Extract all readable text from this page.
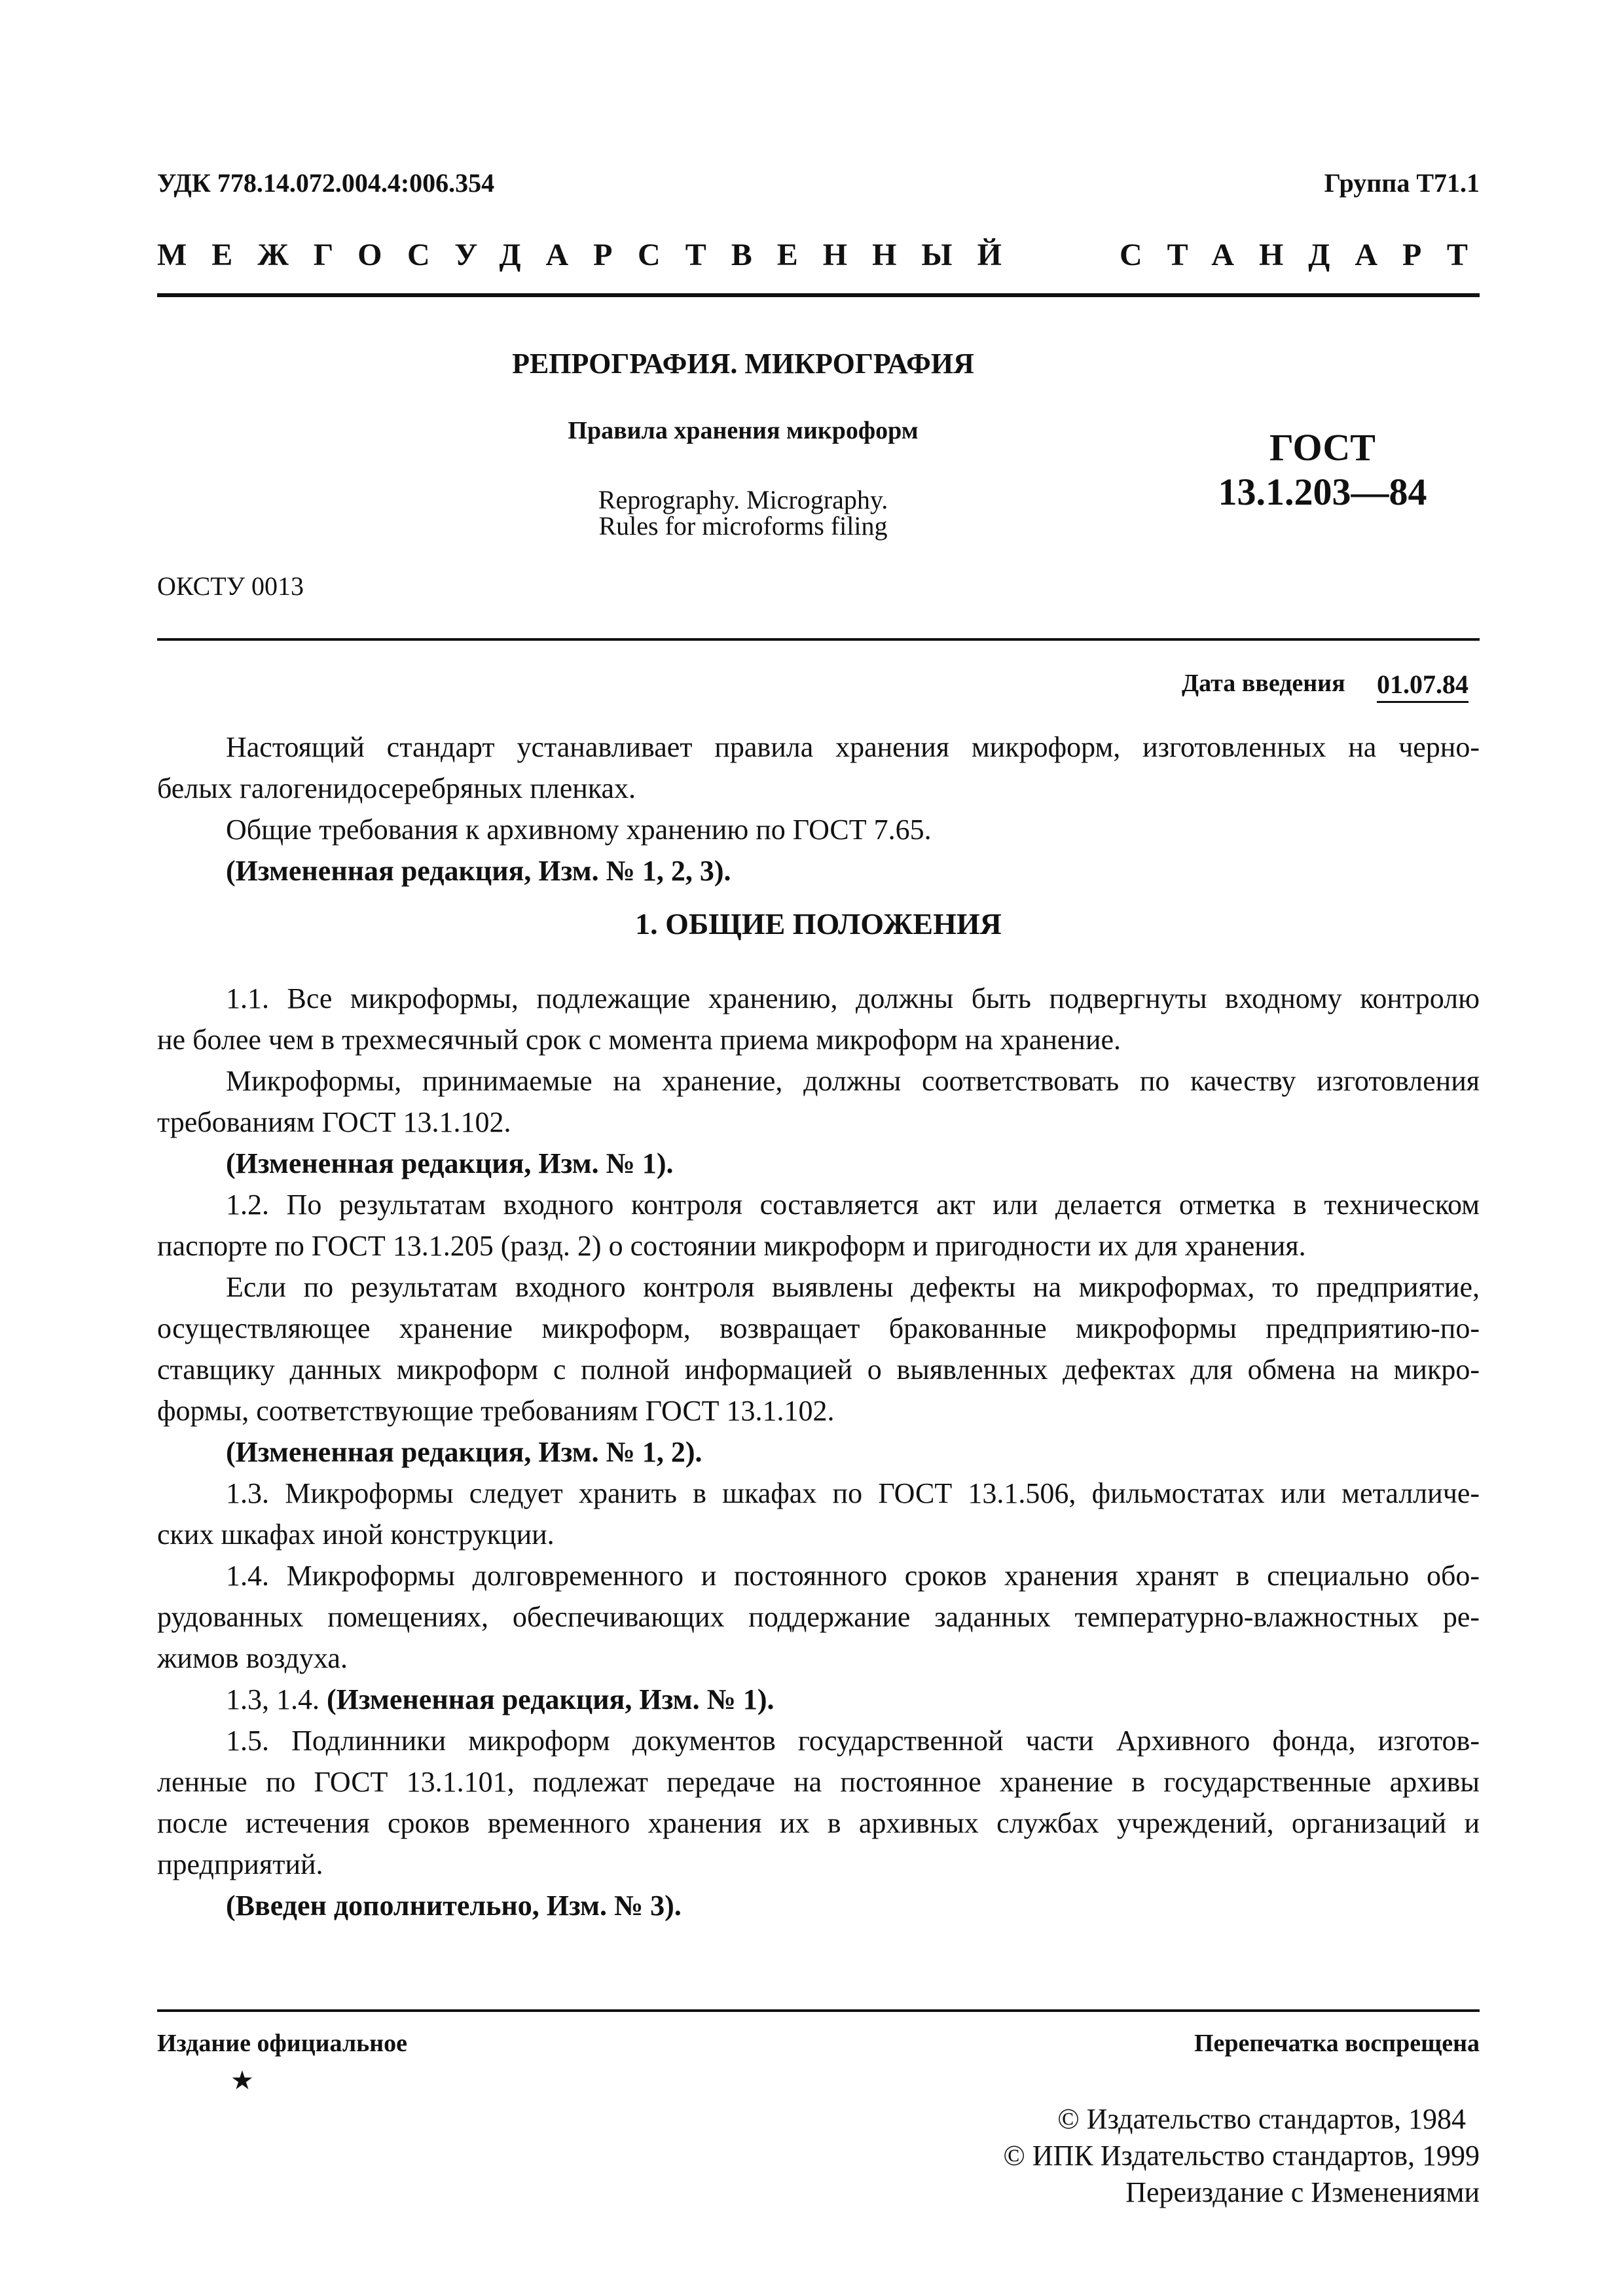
УДК 778.14.072.004.4:006.354	Группа Т71.1
МЕЖГОСУДАРСТВЕННЫЙ	СТАНДАРТ
РЕПРОГРАФИЯ. МИКРОГРАФИЯ
Правила хранения микроформ
Reprography. Micrography.
Rules for microforms filing
ГОСТ
13.1.203—84
ОКСТУ 0013
Дата введения 01.07.84
Настоящий стандарт устанавливает правила хранения микроформ, изготовленных на черно-
белых галогенидосеребряных пленках.
Общие требования к архивному хранению по ГОСТ 7.65.
(Измененная редакция, Изм. № 1, 2, 3).
1. ОБЩИЕ ПОЛОЖЕНИЯ
1.1. Все микроформы, подлежащие хранению, должны быть подвергнуты входному контролю
не более чем в трехмесячный срок с момента приема микроформ на хранение.
Микроформы, принимаемые на хранение, должны соответствовать по качеству изготовления
требованиям ГОСТ 13.1.102.
(Измененная редакция, Изм. № 1).
1.2. По результатам входного контроля составляется акт или делается отметка в техническом
паспорте по ГОСТ 13.1.205 (разд. 2) о состоянии микроформ и пригодности их для хранения.
Если по результатам входного контроля выявлены дефекты на микроформах, то предприятие,
осуществляющее хранение микроформ, возвращает бракованные микроформы предприятию-по-
ставщику данных микроформ с полной информацией о выявленных дефектах для обмена на микро-
формы, соответствующие требованиям ГОСТ 13.1.102.
(Измененная редакция, Изм. № 1, 2).
1.3. Микроформы следует хранить в шкафах по ГОСТ 13.1.506, фильмостатах или металличе-
ских шкафах иной конструкции.
1.4. Микроформы долговременного и постоянного сроков хранения хранят в специально обо-
рудованных помещениях, обеспечивающих поддержание заданных температурно-влажностных ре-
жимов воздуха.
1.3, 1.4. (Измененная редакция, Изм. № 1).
1.5. Подлинники микроформ документов государственной части Архивного фонда, изготов-
ленные по ГОСТ 13.1.101, подлежат передаче на постоянное хранение в государственные архивы
после истечения сроков временного хранения их в архивных службах учреждений, организаций и
предприятий.
(Введен дополнительно, Изм. № 3).
Издание официальное	Перепечатка воспрещена
★
© Издательство стандартов, 1984
© ИПК Издательство стандартов, 1999
Переиздание с Изменениями
